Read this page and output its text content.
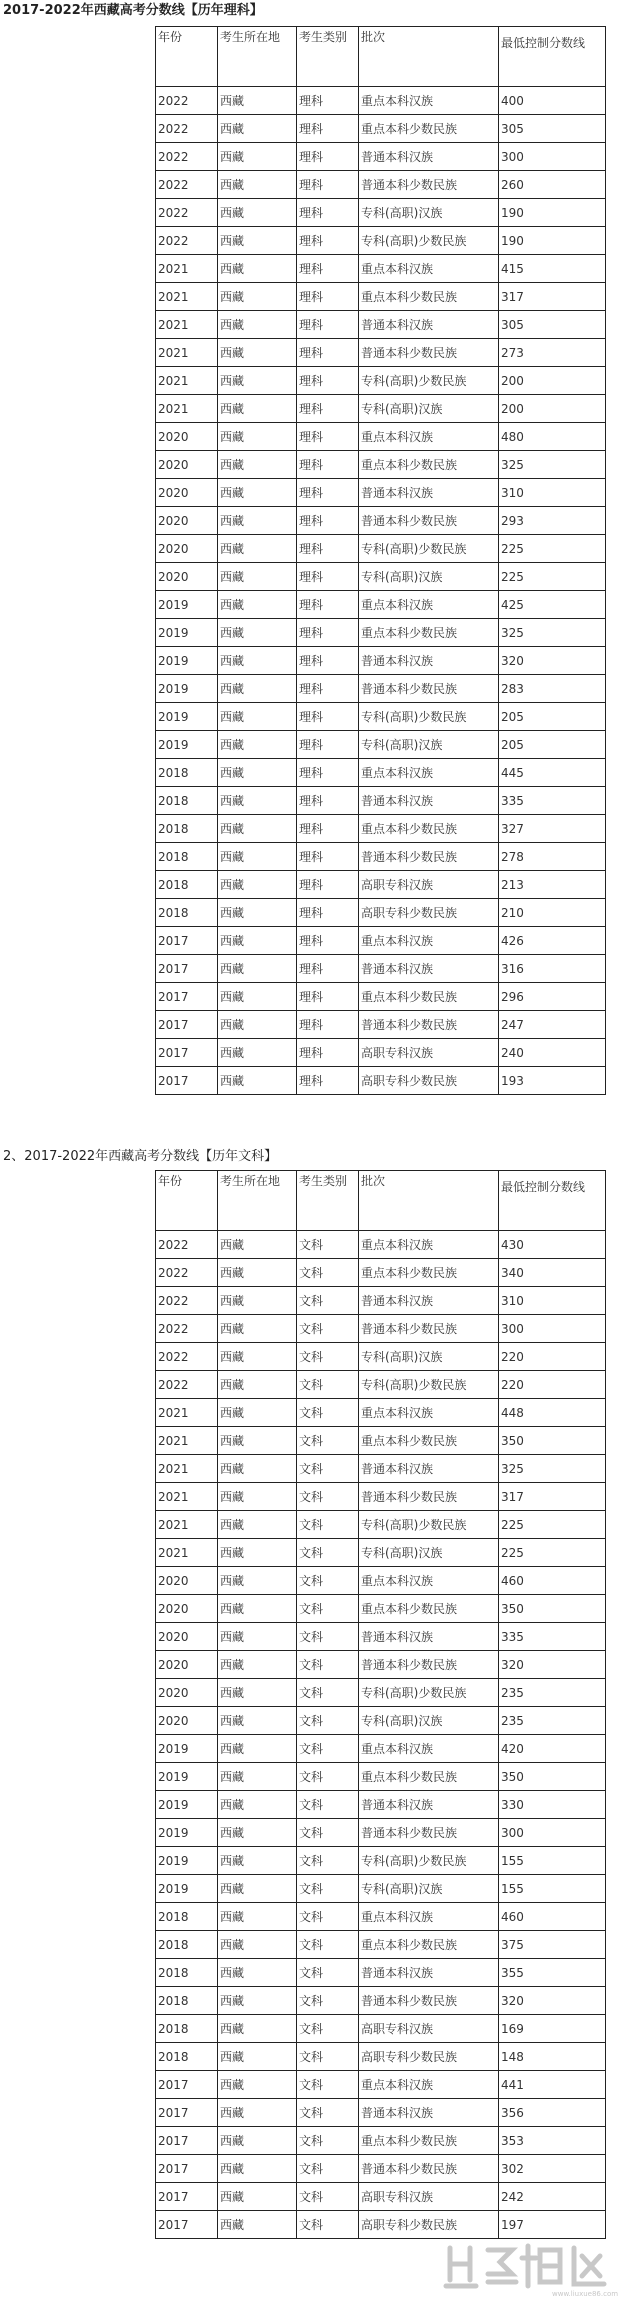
2017-2022年西藏高考分数线【历年理科】
年份	考生所在地	考生类别	批次	最低控制分数线
2022	西藏	理科	重点本科汉族	400
2022	西藏	理科	重点本科少数民族	305
2022	西藏	理科	普通本科汉族	300
2022	西藏	理科	普通本科少数民族	260
2022	西藏	理科	专科(高职)汉族	190
2022	西藏	理科	专科(高职)少数民族	190
2021	西藏	理科	重点本科汉族	415
2021	西藏	理科	重点本科少数民族	317
2021	西藏	理科	普通本科汉族	305
2021	西藏	理科	普通本科少数民族	273
2021	西藏	理科	专科(高职)少数民族	200
2021	西藏	理科	专科(高职)汉族	200
2020	西藏	理科	重点本科汉族	480
2020	西藏	理科	重点本科少数民族	325
2020	西藏	理科	普通本科汉族	310
2020	西藏	理科	普通本科少数民族	293
2020	西藏	理科	专科(高职)少数民族	225
2020	西藏	理科	专科(高职)汉族	225
2019	西藏	理科	重点本科汉族	425
2019	西藏	理科	重点本科少数民族	325
2019	西藏	理科	普通本科汉族	320
2019	西藏	理科	普通本科少数民族	283
2019	西藏	理科	专科(高职)少数民族	205
2019	西藏	理科	专科(高职)汉族	205
2018	西藏	理科	重点本科汉族	445
2018	西藏	理科	普通本科汉族	335
2018	西藏	理科	重点本科少数民族	327
2018	西藏	理科	普通本科少数民族	278
2018	西藏	理科	高职专科汉族	213
2018	西藏	理科	高职专科少数民族	210
2017	西藏	理科	重点本科汉族	426
2017	西藏	理科	普通本科汉族	316
2017	西藏	理科	重点本科少数民族	296
2017	西藏	理科	普通本科少数民族	247
2017	西藏	理科	高职专科汉族	240
2017	西藏	理科	高职专科少数民族	193
2、2017-2022年西藏高考分数线【历年文科】
年份	考生所在地	考生类别	批次	最低控制分数线
2022	西藏	文科	重点本科汉族	430
2022	西藏	文科	重点本科少数民族	340
2022	西藏	文科	普通本科汉族	310
2022	西藏	文科	普通本科少数民族	300
2022	西藏	文科	专科(高职)汉族	220
2022	西藏	文科	专科(高职)少数民族	220
2021	西藏	文科	重点本科汉族	448
2021	西藏	文科	重点本科少数民族	350
2021	西藏	文科	普通本科汉族	325
2021	西藏	文科	普通本科少数民族	317
2021	西藏	文科	专科(高职)少数民族	225
2021	西藏	文科	专科(高职)汉族	225
2020	西藏	文科	重点本科汉族	460
2020	西藏	文科	重点本科少数民族	350
2020	西藏	文科	普通本科汉族	335
2020	西藏	文科	普通本科少数民族	320
2020	西藏	文科	专科(高职)少数民族	235
2020	西藏	文科	专科(高职)汉族	235
2019	西藏	文科	重点本科汉族	420
2019	西藏	文科	重点本科少数民族	350
2019	西藏	文科	普通本科汉族	330
2019	西藏	文科	普通本科少数民族	300
2019	西藏	文科	专科(高职)少数民族	155
2019	西藏	文科	专科(高职)汉族	155
2018	西藏	文科	重点本科汉族	460
2018	西藏	文科	重点本科少数民族	375
2018	西藏	文科	普通本科汉族	355
2018	西藏	文科	普通本科少数民族	320
2018	西藏	文科	高职专科汉族	169
2018	西藏	文科	高职专科少数民族	148
2017	西藏	文科	重点本科汉族	441
2017	西藏	文科	普通本科汉族	356
2017	西藏	文科	重点本科少数民族	353
2017	西藏	文科	普通本科少数民族	302
2017	西藏	文科	高职专科汉族	242
2017	西藏	文科	高职专科少数民族	197
www.liuxue86.com
